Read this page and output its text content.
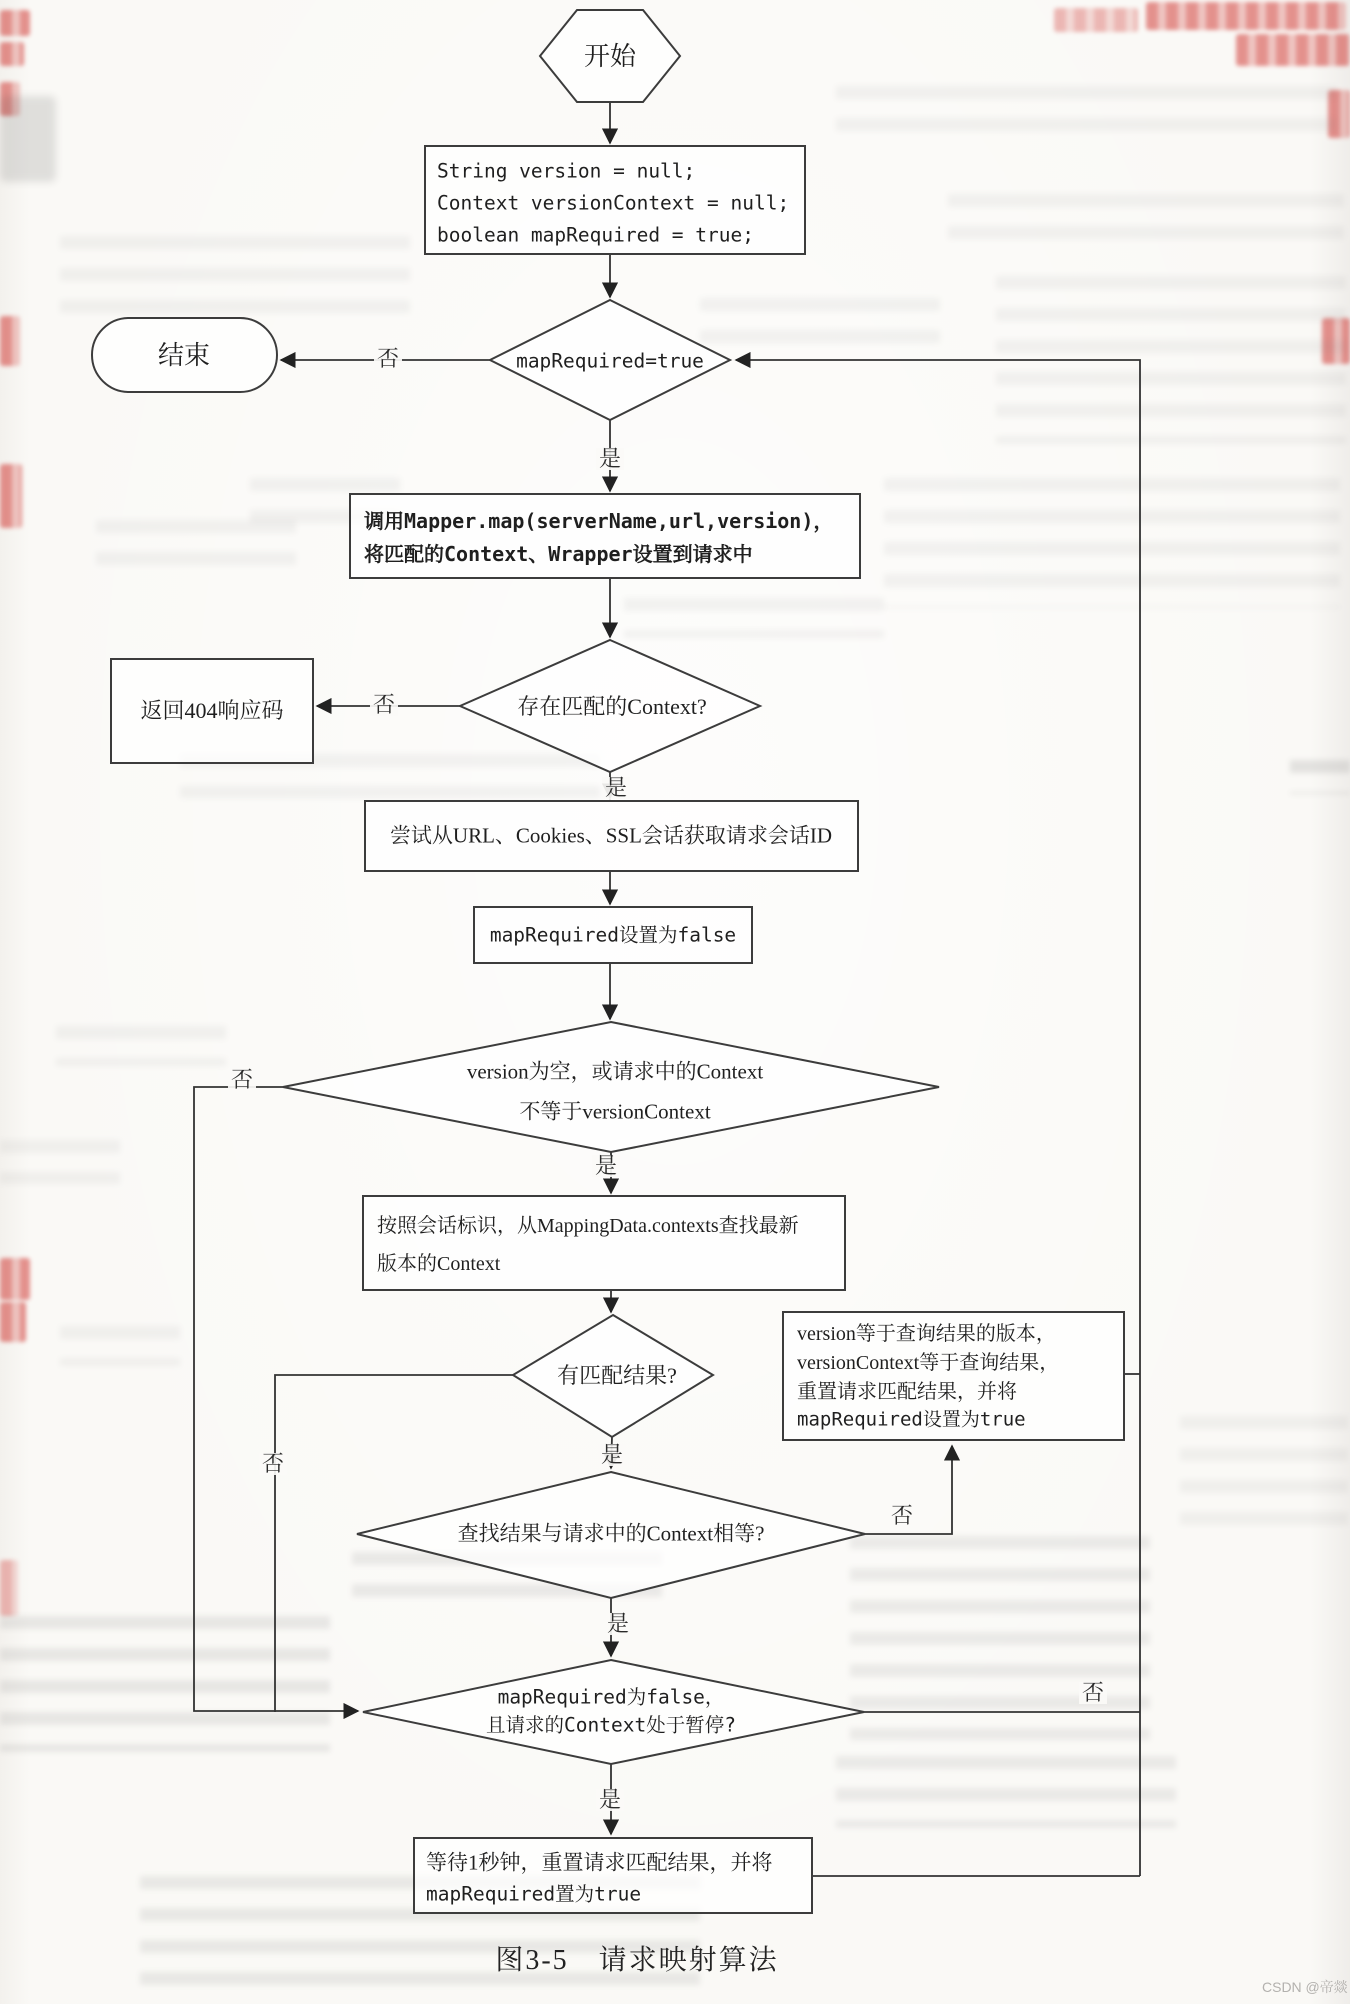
开始
String version = null;
Context versionContext = null;
boolean mapRequired = true;
mapRequired=true
结束
调用Mapper.map(serverName,url,version)，
将匹配的Context、Wrapper设置到请求中
存在匹配的Context?
返回404响应码
尝试从URL、Cookies、SSL会话获取请求会话ID
mapRequired设置为false
version为空，或请求中的Context
不等于versionContext
按照会话标识，从MappingData.contexts查找最新
版本的Context
有匹配结果?
version等于查询结果的版本，
versionContext等于查询结果，
重置请求匹配结果，并将
mapRequired设置为true
查找结果与请求中的Context相等?
mapRequired为false，
且请求的Context处于暂停?
等待1秒钟，重置请求匹配结果，并将
mapRequired置为true
否
是
否
是
否
是
否	是
否
是
否
是
图3-5　请求映射算法
CSDN @帝燚
